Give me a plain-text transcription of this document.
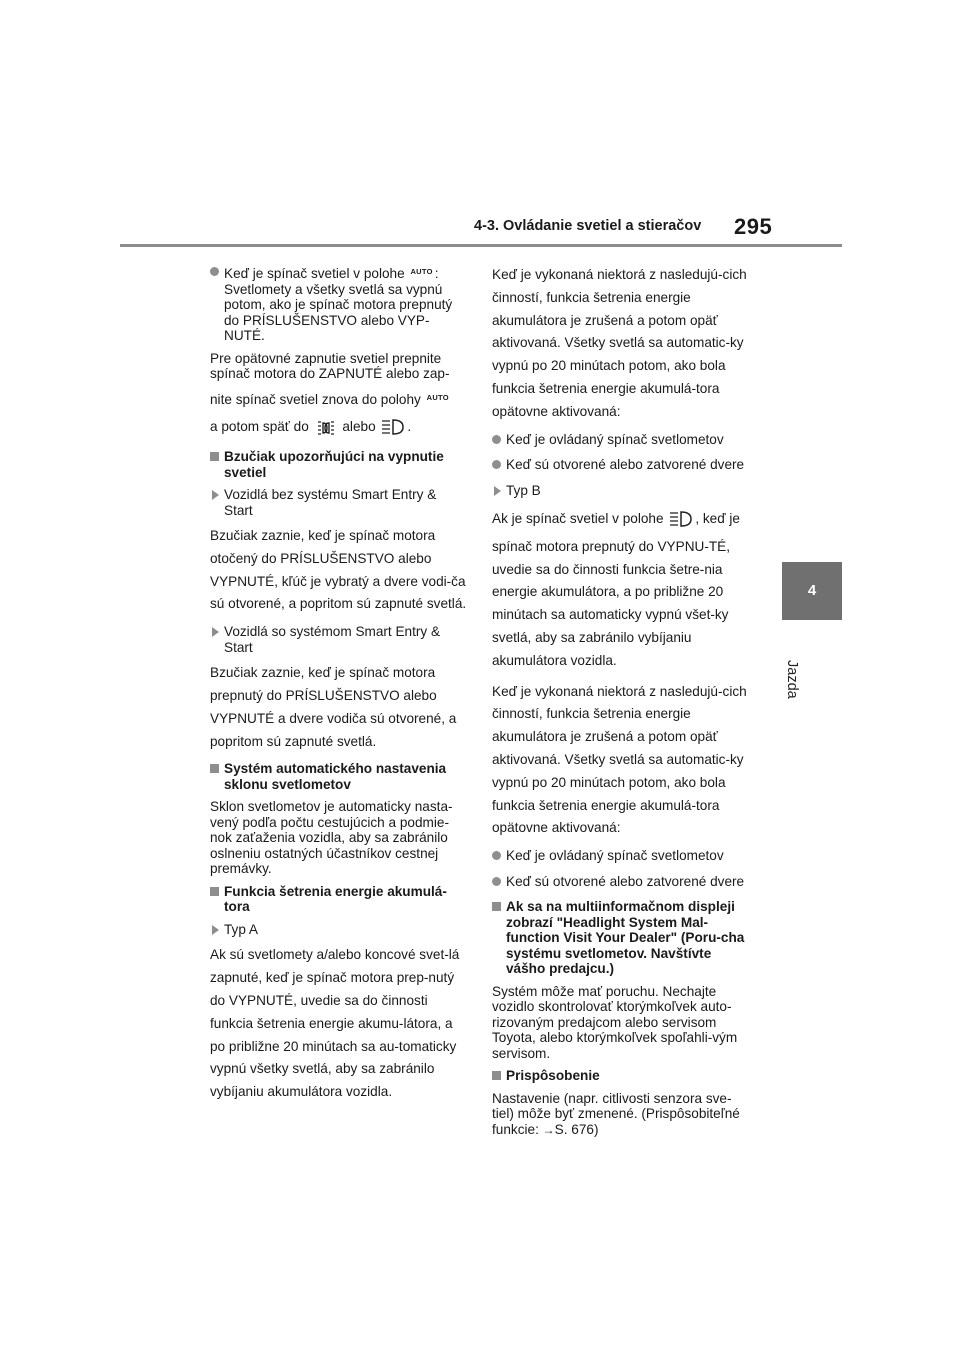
4-3. Ovládanie svetiel a stieračov 295
4
Jazda
Keď je spínač svetiel v polohe AUTO : Svetlomety a všetky svetlá sa vypnú potom, ako je spínač motora prepnutý do PRÍSLUŠENSTVO alebo VYP-NUTÉ.

Pre opätovné zapnutie svetiel prepnite spínač motora do ZAPNUTÉ alebo zap-

nite spínač svetiel znova do polohy AUTO

a potom späť do alebo .

Bzučiak upozorňujúci na vypnutie svetiel
Vozidlá bez systému Smart Entry & Start

Bzučiak zaznie, keď je spínač motora otočený do PRÍSLUŠENSTVO alebo VYPNUTÉ, kľúč je vybratý a dvere vodi-ča sú otvorené, a popritom sú zapnuté svetlá.

Vozidlá so systémom Smart Entry & Start

Bzučiak zaznie, keď je spínač motora prepnutý do PRÍSLUŠENSTVO alebo VYPNUTÉ a dvere vodiča sú otvorené, a popritom sú zapnuté svetlá.

Systém automatického nastavenia sklonu svetlometov

Sklon svetlometov je automaticky nasta-vený podľa počtu cestujúcich a podmie-nok zaťaženia vozidla, aby sa zabránilo oslneniu ostatných účastníkov cestnej premávky.

Funkcia šetrenia energie akumulá-tora
Typ A

Ak sú svetlomety a/alebo koncové svet-lá zapnuté, keď je spínač motora prep-nutý do VYPNUTÉ, uvedie sa do činnosti funkcia šetrenia energie akumu-látora, a po približne 20 minútach sa au-tomaticky vypnú všetky svetlá, aby sa zabránilo vybíjaniu akumulátora vozidla.

Keď je vykonaná niektorá z nasledujú-cich činností, funkcia šetrenia energie akumulátora je zrušená a potom opäť aktivovaná. Všetky svetlá sa automatic-ky vypnú po 20 minútach potom, ako bola funkcia šetrenia energie akumulá-tora opätovne aktivovaná:

Keď je ovládaný spínač svetlometov
Keď sú otvorené alebo zatvorené dvere
Typ B

Ak je spínač svetiel v polohe , keď je spínač motora prepnutý do VYPNU-TÉ, uvedie sa do činnosti funkcia šetre-nia energie akumulátora, a po približne 20 minútach sa automaticky vypnú všet-ky svetlá, aby sa zabránilo vybíjaniu akumulátora vozidla.

Keď je vykonaná niektorá z nasledujú-cich činností, funkcia šetrenia energie akumulátora je zrušená a potom opäť aktivovaná. Všetky svetlá sa automatic-ky vypnú po 20 minútach potom, ako bola funkcia šetrenia energie akumulá-tora opätovne aktivovaná:

Keď je ovládaný spínač svetlometov
Keď sú otvorené alebo zatvorené dvere
Ak sa na multiinformačnom displeji zobrazí "Headlight System Mal-function Visit Your Dealer" (Poru-cha systému svetlometov. Navštívte vášho predajcu.)

Systém môže mať poruchu. Nechajte vozidlo skontrolovať ktorýmkoľvek auto-rizovaným predajcom alebo servisom Toyota, alebo ktorýmkoľvek spoľahli-vým servisom.

Prispôsobenie

Nastavenie (napr. citlivosti senzora sve-tiel) môže byť zmenené. (Prispôsobiteľné funkcie: →S. 676)
